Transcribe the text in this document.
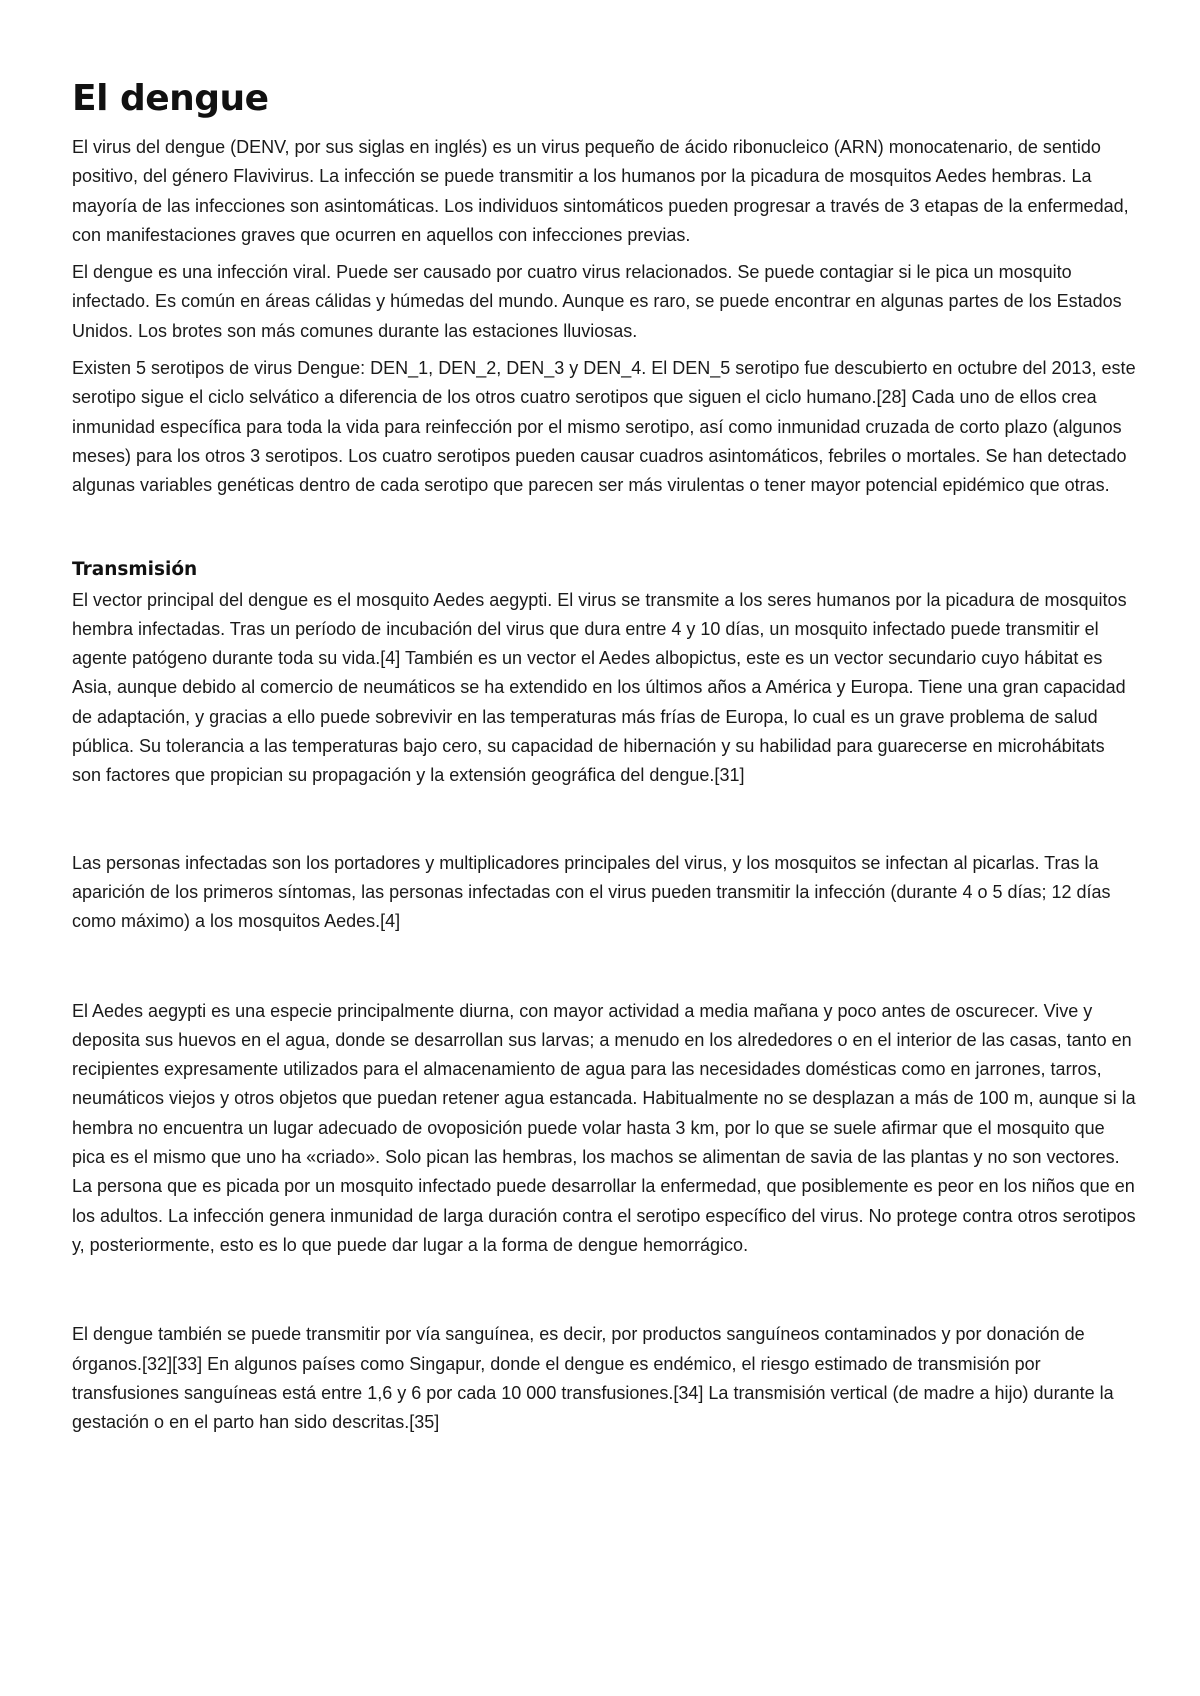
El dengue

El virus del dengue (DENV, por sus siglas en inglés) es un virus pequeño de ácido ribonucleico (ARN) monocatenario, de sentido positivo, del género Flavivirus. La infección se puede transmitir a los humanos por la picadura de mosquitos Aedes hembras. La mayoría de las infecciones son asintomáticas. Los individuos sintomáticos pueden progresar a través de 3 etapas de la enfermedad, con manifestaciones graves que ocurren en aquellos con infecciones previas.

El dengue es una infección viral. Puede ser causado por cuatro virus relacionados. Se puede contagiar si le pica un mosquito infectado. Es común en áreas cálidas y húmedas del mundo. Aunque es raro, se puede encontrar en algunas partes de los Estados Unidos. Los brotes son más comunes durante las estaciones lluviosas.

Existen 5 serotipos de virus Dengue: DEN_1, DEN_2, DEN_3 y DEN_4. El DEN_5 serotipo fue descubierto en octubre del 2013, este serotipo sigue el ciclo selvático a diferencia de los otros cuatro serotipos que siguen el ciclo humano.[28] Cada uno de ellos crea inmunidad específica para toda la vida para reinfección por el mismo serotipo, así como inmunidad cruzada de corto plazo (algunos meses) para los otros 3 serotipos. Los cuatro serotipos pueden causar cuadros asintomáticos, febriles o mortales. Se han detectado algunas variables genéticas dentro de cada serotipo que parecen ser más virulentas o tener mayor potencial epidémico que otras.

Transmisión

El vector principal del dengue es el mosquito Aedes aegypti. El virus se transmite a los seres humanos por la picadura de mosquitos hembra infectadas. Tras un período de incubación del virus que dura entre 4 y 10 días, un mosquito infectado puede transmitir el agente patógeno durante toda su vida.[4] También es un vector el Aedes albopictus, este es un vector secundario cuyo hábitat es Asia, aunque debido al comercio de neumáticos se ha extendido en los últimos años a América y Europa. Tiene una gran capacidad de adaptación, y gracias a ello puede sobrevivir en las temperaturas más frías de Europa, lo cual es un grave problema de salud pública. Su tolerancia a las temperaturas bajo cero, su capacidad de hibernación y su habilidad para guarecerse en microhábitats son factores que propician su propagación y la extensión geográfica del dengue.[31]

Las personas infectadas son los portadores y multiplicadores principales del virus, y los mosquitos se infectan al picarlas. Tras la aparición de los primeros síntomas, las personas infectadas con el virus pueden transmitir la infección (durante 4 o 5 días; 12 días como máximo) a los mosquitos Aedes.[4]

El Aedes aegypti es una especie principalmente diurna, con mayor actividad a media mañana y poco antes de oscurecer. Vive y deposita sus huevos en el agua, donde se desarrollan sus larvas; a menudo en los alrededores o en el interior de las casas, tanto en recipientes expresamente utilizados para el almacenamiento de agua para las necesidades domésticas como en jarrones, tarros, neumáticos viejos y otros objetos que puedan retener agua estancada. Habitualmente no se desplazan a más de 100 m, aunque si la hembra no encuentra un lugar adecuado de ovoposición puede volar hasta 3 km, por lo que se suele afirmar que el mosquito que pica es el mismo que uno ha «criado». Solo pican las hembras, los machos se alimentan de savia de las plantas y no son vectores. La persona que es picada por un mosquito infectado puede desarrollar la enfermedad, que posiblemente es peor en los niños que en los adultos. La infección genera inmunidad de larga duración contra el serotipo específico del virus. No protege contra otros serotipos y, posteriormente, esto es lo que puede dar lugar a la forma de dengue hemorrágico.

El dengue también se puede transmitir por vía sanguínea, es decir, por productos sanguíneos contaminados y por donación de órganos.[32][33] En algunos países como Singapur, donde el dengue es endémico, el riesgo estimado de transmisión por transfusiones sanguíneas está entre 1,6 y 6 por cada 10 000 transfusiones.[34] La transmisión vertical (de madre a hijo) durante la gestación o en el parto han sido descritas.[35]
